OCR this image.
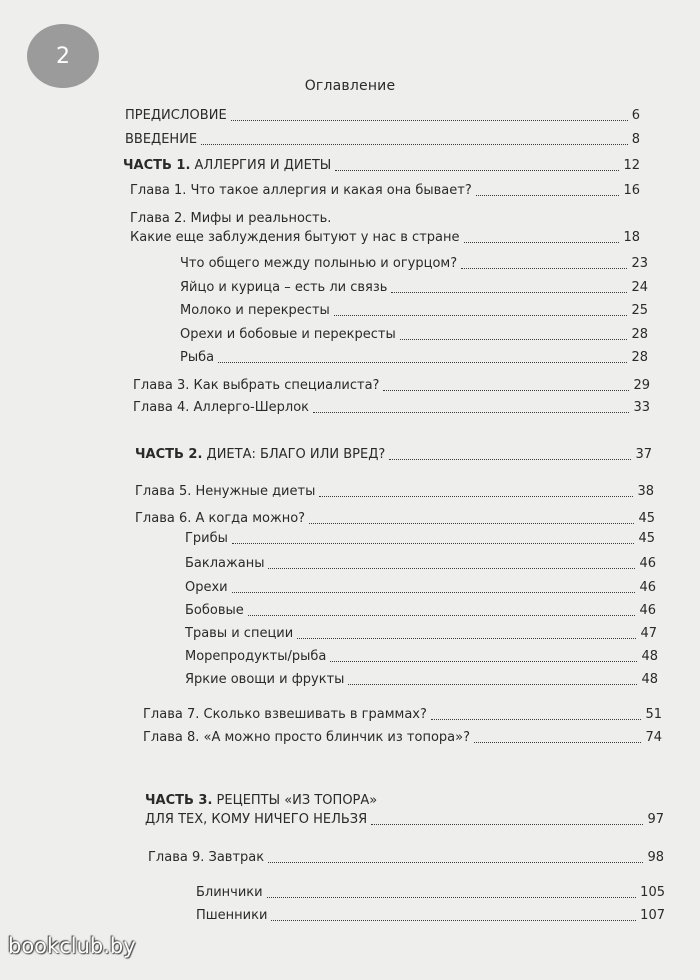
2
Оглавление
ПРЕДИСЛОВИЕ	6
ВВЕДЕНИЕ	8
ЧАСТЬ 1. АЛЛЕРГИЯ И ДИЕТЫ	12
Глава 1. Что такое аллергия и какая она бывает?	16
Глава 2. Мифы и реальность.
Какие еще заблуждения бытуют у нас в стране	18
Что общего между полынью и огурцом?	23
Яйцо и курица – есть ли связь	24
Молоко и перекресты	25
Орехи и бобовые и перекресты	28
Рыба	28
Глава 3. Как выбрать специалиста?	29
Глава 4. Аллерго-Шерлок	33
ЧАСТЬ 2. ДИЕТА: БЛАГО ИЛИ ВРЕД?	37
Глава 5. Ненужные диеты	38
Глава 6. А когда можно?	45
Грибы	45
Баклажаны	46
Орехи	46
Бобовые	46
Травы и специи	47
Морепродукты/рыба	48
Яркие овощи и фрукты	48
Глава 7. Сколько взвешивать в граммах?	51
Глава 8. «А можно просто блинчик из топора»?	74
ЧАСТЬ 3. РЕЦЕПТЫ «ИЗ ТОПОРА»
ДЛЯ ТЕХ, КОМУ НИЧЕГО НЕЛЬЗЯ	97
Глава 9. Завтрак	98
Блинчики	105
Пшенники	107
bookclub.by
